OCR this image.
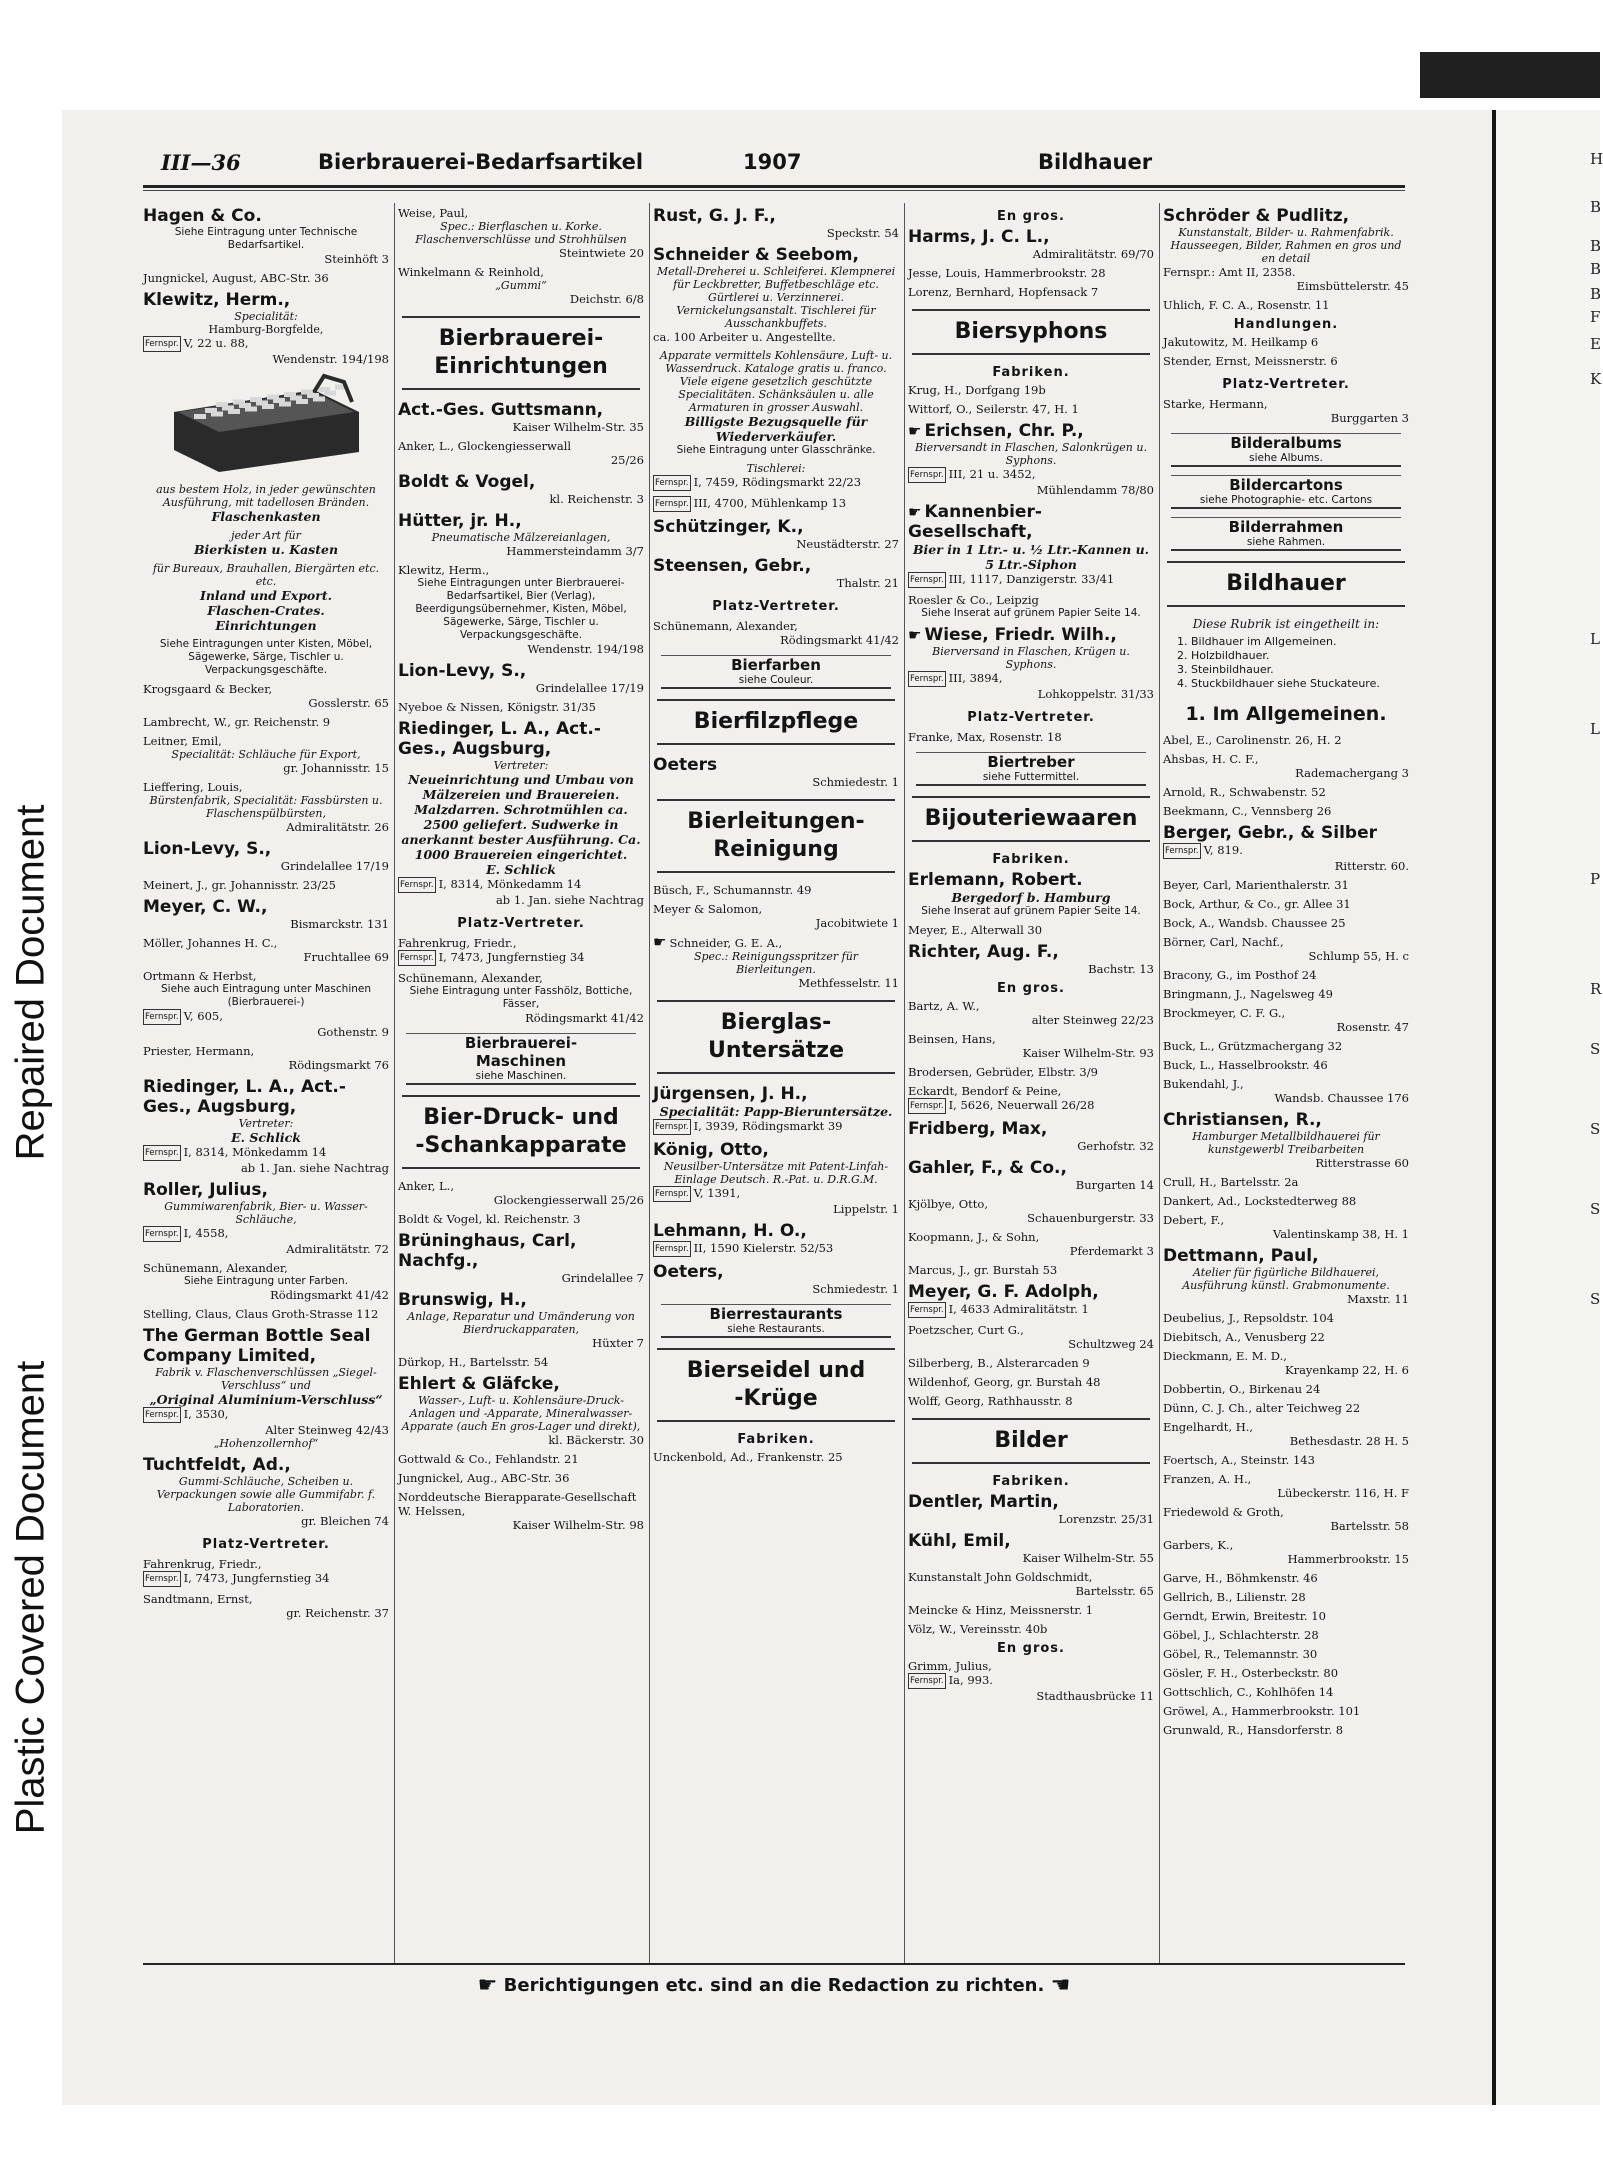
Repaired Document
Plastic Covered Document
H
B
B
B
B
F
E
K
L
L
P
R
S
S
S
S
III—36	Bierbrauerei-Bedarfsartikel	1907	Bildhauer
Hagen & Co.
Siehe Eintragung unter Technische Bedarfsartikel.
Steinhöft 3
Jungnickel, August, ABC-Str. 36
Klewitz, Herm.,
Specialität:
Hamburg-Borgfelde,
Fernspr. V, 22 u. 88,
Wendenstr. 194/198
aus bestem Holz, in jeder gewünschten Ausführung, mit tadellosen Bränden.
Flaschenkasten
jeder Art für
Bierkisten u. Kasten
für Bureaux, Brauhallen, Biergärten etc. etc.
Inland und Export.
Flaschen-Crates.
Einrichtungen
Siehe Eintragungen unter Kisten, Möbel, Sägewerke, Särge, Tischler u. Verpackungsgeschäfte.
Krogsgaard & Becker,
Gosslerstr. 65
Lambrecht, W., gr. Reichenstr. 9
Leitner, Emil,
Specialität: Schläuche für Export,
gr. Johannisstr. 15
Lieffering, Louis,
Bürstenfabrik, Specialität: Fassbürsten u. Flaschenspülbürsten,
Admiralitätstr. 26
Lion-Levy, S.,
Grindelallee 17/19
Meinert, J., gr. Johannisstr. 23/25
Meyer, C. W.,
Bismarckstr. 131
Möller, Johannes H. C.,
Fruchtallee 69
Ortmann & Herbst,
Siehe auch Eintragung unter Maschinen (Bierbrauerei-)
Fernspr. V, 605,
Gothenstr. 9
Priester, Hermann,
Rödingsmarkt 76
Riedinger, L. A., Act.-Ges., Augsburg,
Vertreter:
E. Schlick
Fernspr. I, 8314, Mönkedamm 14
ab 1. Jan. siehe Nachtrag
Roller, Julius,
Gummiwarenfabrik, Bier- u. Wasser-Schläuche,
Fernspr. I, 4558,
Admiralitätstr. 72
Schünemann, Alexander,
Siehe Eintragung unter Farben.
Rödingsmarkt 41/42
Stelling, Claus, Claus Groth-Strasse 112
The German Bottle Seal Company Limited,
Fabrik v. Flaschenverschlüssen „Siegel-Verschluss“ und
„Original Aluminium-Verschluss“
Fernspr. I, 3530,
Alter Steinweg 42/43
„Hohenzollernhof“
Tuchtfeldt, Ad.,
Gummi-Schläuche, Scheiben u. Verpackungen sowie alle Gummifabr. f. Laboratorien.
gr. Bleichen 74
Platz-Vertreter.
Fahrenkrug, Friedr.,
Fernspr. I, 7473, Jungfernstieg 34
Sandtmann, Ernst,
gr. Reichenstr. 37
Weise, Paul,
Spec.: Bierflaschen u. Korke. Flaschenverschlüsse und Strohhülsen
Steintwiete 20
Winkelmann & Reinhold,
„Gummi“
Deichstr. 6/8
Bierbrauerei-
Einrichtungen
Act.-Ges. Guttsmann,
Kaiser Wilhelm-Str. 35
Anker, L., Glockengiesserwall
25/26
Boldt & Vogel,
kl. Reichenstr. 3
Hütter, jr. H.,
Pneumatische Mälzereianlagen,
Hammersteindamm 3/7
Klewitz, Herm.,
Siehe Eintragungen unter Bierbrauerei-Bedarfsartikel, Bier (Verlag), Beerdigungsübernehmer, Kisten, Möbel, Sägewerke, Särge, Tischler u. Verpackungsgeschäfte.
Wendenstr. 194/198
Lion-Levy, S.,
Grindelallee 17/19
Nyeboe & Nissen, Königstr. 31/35
Riedinger, L. A., Act.-Ges., Augsburg,
Vertreter:
Neueinrichtung und Umbau von Mälzereien und Brauereien. Malzdarren. Schrotmühlen ca. 2500 geliefert. Sudwerke in anerkannt bester Ausführung. Ca. 1000 Brauereien eingerichtet.
E. Schlick
Fernspr. I, 8314, Mönkedamm 14
ab 1. Jan. siehe Nachtrag
Platz-Vertreter.
Fahrenkrug, Friedr.,
Fernspr. I, 7473, Jungfernstieg 34
Schünemann, Alexander,
Siehe Eintragung unter Fasshölz, Bottiche, Fässer,
Rödingsmarkt 41/42
Bierbrauerei-
Maschinen
siehe Maschinen.
Bier-Druck- und
-Schankapparate
Anker, L.,
Glockengiesserwall 25/26
Boldt & Vogel, kl. Reichenstr. 3
Brüninghaus, Carl, Nachfg.,
Grindelallee 7
Brunswig, H.,
Anlage, Reparatur und Umänderung von Bierdruckapparaten,
Hüxter 7
Dürkop, H., Bartelsstr. 54
Ehlert & Gläfcke,
Wasser-, Luft- u. Kohlensäure-Druck-Anlagen und -Apparate, Mineralwasser-Apparate (auch En gros-Lager und direkt),
kl. Bäckerstr. 30
Gottwald & Co., Fehlandstr. 21
Jungnickel, Aug., ABC-Str. 36
Norddeutsche Bierapparate-Gesellschaft W. Helssen,
Kaiser Wilhelm-Str. 98
Rust, G. J. F.,
Speckstr. 54
Schneider & Seebom,
Metall-Dreherei u. Schleiferei. Klempnerei für Leckbretter, Buffetbeschläge etc. Gürtlerei u. Verzinnerei. Vernickelungsanstalt. Tischlerei für Ausschankbuffets.
ca. 100 Arbeiter u. Angestellte.
Apparate vermittels Kohlensäure, Luft- u. Wasserdruck. Kataloge gratis u. franco. Viele eigene gesetzlich geschützte Specialitäten. Schänksäulen u. alle Armaturen in grosser Auswahl.
Billigste Bezugsquelle für Wiederverkäufer.
Siehe Eintragung unter Glasschränke.
Tischlerei:
Fernspr. I, 7459, Rödingsmarkt 22/23
Fernspr. III, 4700, Mühlenkamp 13
Schützinger, K.,
Neustädterstr. 27
Steensen, Gebr.,
Thalstr. 21
Platz-Vertreter.
Schünemann, Alexander,
Rödingsmarkt 41/42
Bierfarben
siehe Couleur.
Bierfilzpflege
Oeters
Schmiedestr. 1
Bierleitungen-
Reinigung
Büsch, F., Schumannstr. 49
Meyer & Salomon,
Jacobitwiete 1
☛ Schneider, G. E. A.,
Spec.: Reinigungsspritzer für Bierleitungen.
Methfesselstr. 11
Bierglas-
Untersätze
Jürgensen, J. H.,
Specialität: Papp-Bieruntersätze.
Fernspr. I, 3939, Rödingsmarkt 39
König, Otto,
Neusilber-Untersätze mit Patent-Linfah-Einlage Deutsch. R.-Pat. u. D.R.G.M.
Fernspr. V, 1391,
Lippelstr. 1
Lehmann, H. O.,
Fernspr. II, 1590 Kielerstr. 52/53
Oeters,
Schmiedestr. 1
Bierrestaurants
siehe Restaurants.
Bierseidel und
-Krüge
Fabriken.
Unckenbold, Ad., Frankenstr. 25
En gros.
Harms, J. C. L.,
Admiralitätstr. 69/70
Jesse, Louis, Hammerbrookstr. 28
Lorenz, Bernhard, Hopfensack 7
Biersyphons
Fabriken.
Krug, H., Dorfgang 19b
Wittorf, O., Seilerstr. 47, H. 1
☛ Erichsen, Chr. P.,
Bierversandt in Flaschen, Salonkrügen u. Syphons.
Fernspr. III, 21 u. 3452,
Mühlendamm 78/80
☛ Kannenbier-Gesellschaft,
Bier in 1 Ltr.- u. ½ Ltr.-Kannen u. 5 Ltr.-Siphon
Fernspr. III, 1117, Danzigerstr. 33/41
Roesler & Co., Leipzig
Siehe Inserat auf grünem Papier Seite 14.
☛ Wiese, Friedr. Wilh.,
Bierversand in Flaschen, Krügen u. Syphons.
Fernspr. III, 3894,
Lohkoppelstr. 31/33
Platz-Vertreter.
Franke, Max, Rosenstr. 18
Biertreber
siehe Futtermittel.
Bijouteriewaaren
Fabriken.
Erlemann, Robert.
Bergedorf b. Hamburg
Siehe Inserat auf grünem Papier Seite 14.
Meyer, E., Alterwall 30
Richter, Aug. F.,
Bachstr. 13
En gros.
Bartz, A. W.,
alter Steinweg 22/23
Beinsen, Hans,
Kaiser Wilhelm-Str. 93
Brodersen, Gebrüder, Elbstr. 3/9
Eckardt, Bendorf & Peine,
Fernspr. I, 5626, Neuerwall 26/28
Fridberg, Max,
Gerhofstr. 32
Gahler, F., & Co.,
Burgarten 14
Kjölbye, Otto,
Schauenburgerstr. 33
Koopmann, J., & Sohn,
Pferdemarkt 3
Marcus, J., gr. Burstah 53
Meyer, G. F. Adolph,
Fernspr. I, 4633 Admiralitätstr. 1
Poetzscher, Curt G.,
Schultzweg 24
Silberberg, B., Alsterarcaden 9
Wildenhof, Georg, gr. Burstah 48
Wolff, Georg, Rathhausstr. 8
Bilder
Fabriken.
Dentler, Martin,
Lorenzstr. 25/31
Kühl, Emil,
Kaiser Wilhelm-Str. 55
Kunstanstalt John Goldschmidt,
Bartelsstr. 65
Meincke & Hinz, Meissnerstr. 1
Völz, W., Vereinsstr. 40b
En gros.
Grimm, Julius,
Fernspr. Ia, 993.
Stadthausbrücke 11
Schröder & Pudlitz,
Kunstanstalt, Bilder- u. Rahmenfabrik. Hausseegen, Bilder, Rahmen en gros und en detail
Fernspr.: Amt II, 2358.
Eimsbüttelerstr. 45
Uhlich, F. C. A., Rosenstr. 11
Handlungen.
Jakutowitz, M. Heilkamp 6
Stender, Ernst, Meissnerstr. 6
Platz-Vertreter.
Starke, Hermann,
Burggarten 3
Bilderalbums
siehe Albums.
Bildercartons
siehe Photographie- etc. Cartons
Bilderrahmen
siehe Rahmen.
Bildhauer
Diese Rubrik ist eingetheilt in:
1. Bildhauer im Allgemeinen.
2. Holzbildhauer.
3. Steinbildhauer.
4. Stuckbildhauer siehe Stuckateure.
1. Im Allgemeinen.
Abel, E., Carolinenstr. 26, H. 2
Ahsbas, H. C. F.,
Rademachergang 3
Arnold, R., Schwabenstr. 52
Beekmann, C., Vennsberg 26
Berger, Gebr., & Silber
Fernspr. V, 819.
Ritterstr. 60.
Beyer, Carl, Marienthalerstr. 31
Bock, Arthur, & Co., gr. Allee 31
Bock, A., Wandsb. Chaussee 25
Börner, Carl, Nachf.,
Schlump 55, H. c
Bracony, G., im Posthof 24
Bringmann, J., Nagelsweg 49
Brockmeyer, C. F. G.,
Rosenstr. 47
Buck, L., Grützmachergang 32
Buck, L., Hasselbrookstr. 46
Bukendahl, J.,
Wandsb. Chaussee 176
Christiansen, R.,
Hamburger Metallbildhauerei für kunstgewerbl Treibarbeiten
Ritterstrasse 60
Crull, H., Bartelsstr. 2a
Dankert, Ad., Lockstedterweg 88
Debert, F.,
Valentinskamp 38, H. 1
Dettmann, Paul,
Atelier für figürliche Bildhauerei, Ausführung künstl. Grabmonumente.
Maxstr. 11
Deubelius, J., Repsoldstr. 104
Diebitsch, A., Venusberg 22
Dieckmann, E. M. D.,
Krayenkamp 22, H. 6
Dobbertin, O., Birkenau 24
Dünn, C. J. Ch., alter Teichweg 22
Engelhardt, H.,
Bethesdastr. 28 H. 5
Foertsch, A., Steinstr. 143
Franzen, A. H.,
Lübeckerstr. 116, H. F
Friedewold & Groth,
Bartelsstr. 58
Garbers, K.,
Hammerbrookstr. 15
Garve, H., Böhmkenstr. 46
Gellrich, B., Lilienstr. 28
Gerndt, Erwin, Breitestr. 10
Göbel, J., Schlachterstr. 28
Göbel, R., Telemannstr. 30
Gösler, F. H., Osterbeckstr. 80
Gottschlich, C., Kohlhöfen 14
Gröwel, A., Hammerbrookstr. 101
Grunwald, R., Hansdorferstr. 8
☛ Berichtigungen etc. sind an die Redaction zu richten. ☚
